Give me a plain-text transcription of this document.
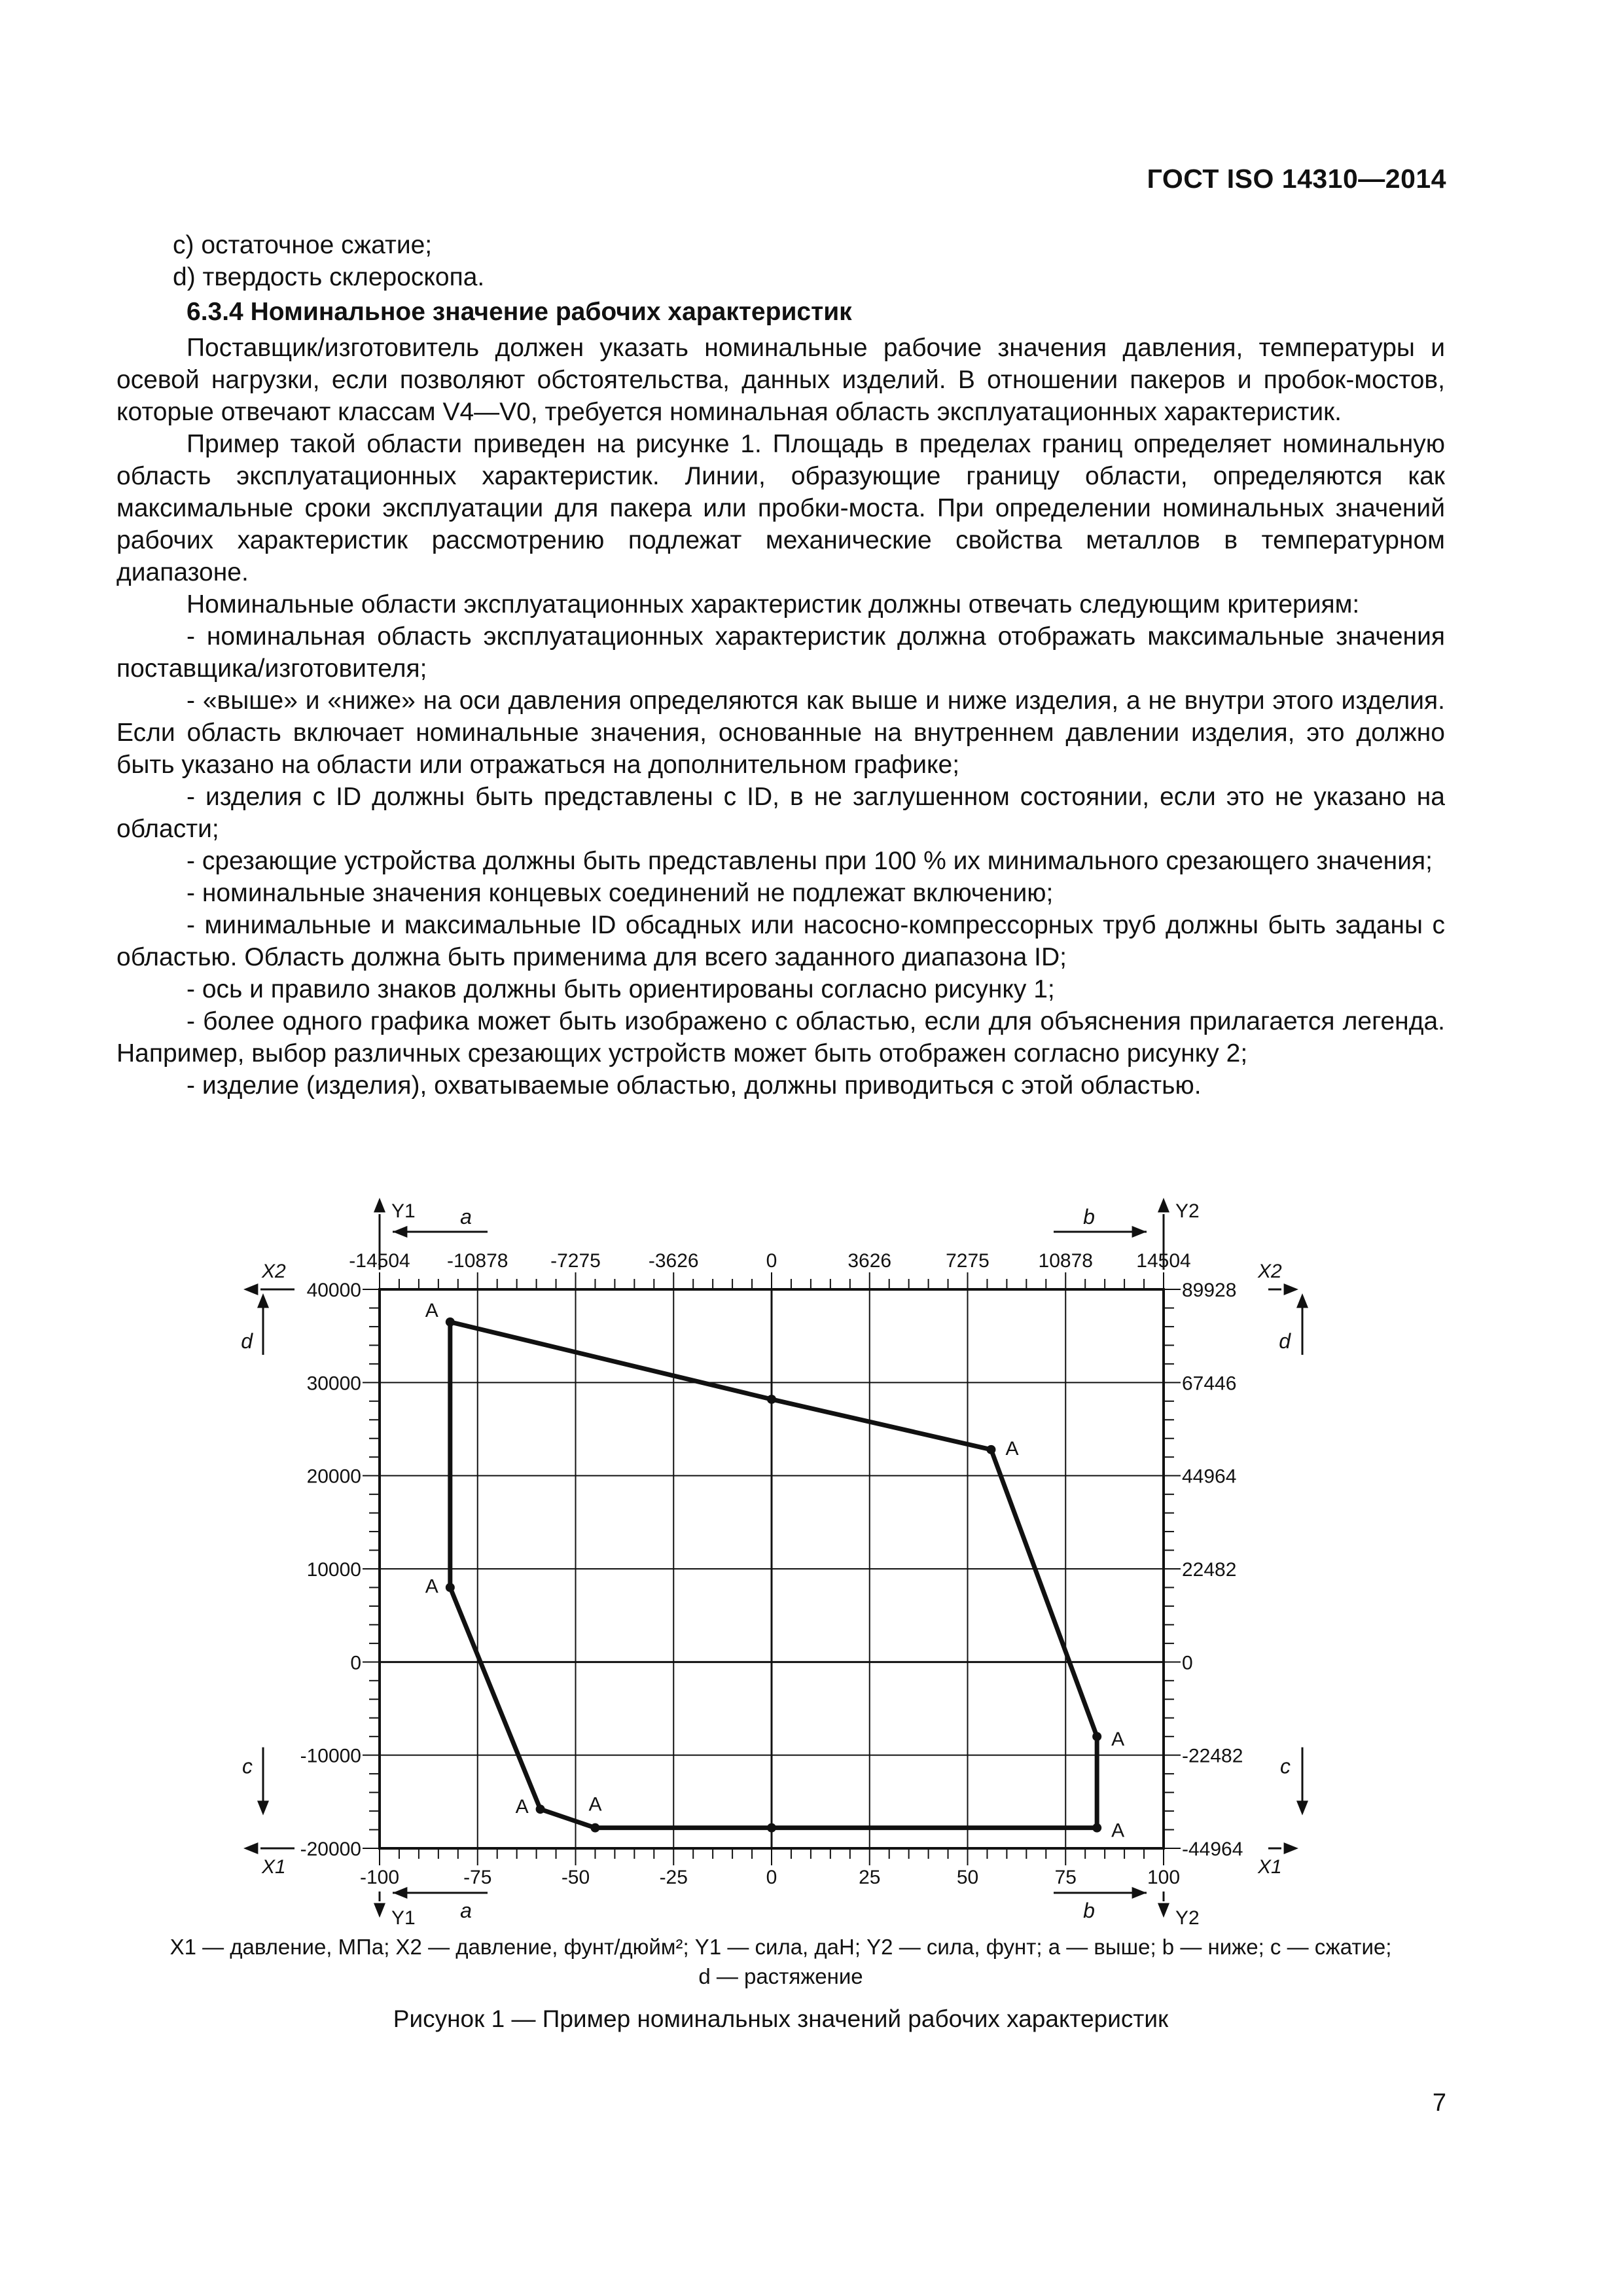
ГОСТ ISO 14310—2014

c) остаточное сжатие;

d) твердость склероскопа.

6.3.4 Номинальное значение рабочих характеристик

Поставщик/изготовитель должен указать номинальные рабочие значения давления, температуры и осевой нагрузки, если позволяют обстоятельства, данных изделий. В отношении пакеров и пробок-мостов, которые отвечают классам V4—V0, требуется номинальная область эксплуатационных характеристик.

Пример такой области приведен на рисунке 1. Площадь в пределах границ определяет номинальную область эксплуатационных характеристик. Линии, образующие границу области, определяются как максимальные сроки эксплуатации для пакера или пробки-моста. При определении номинальных значений рабочих характеристик рассмотрению подлежат механические свойства металлов в температурном диапазоне.

Номинальные области эксплуатационных характеристик должны отвечать следующим критериям:

- номинальная область эксплуатационных характеристик должна отображать максимальные значения поставщика/изготовителя;

- «выше» и «ниже» на оси давления определяются как выше и ниже изделия, а не внутри этого изделия. Если область включает номинальные значения, основанные на внутреннем давлении изделия, это должно быть указано на области или отражаться на дополнительном графике;

- изделия с ID должны быть представлены с ID, в не заглушенном состоянии, если это не указано на области;

- срезающие устройства должны быть представлены при 100 % их минимального срезающего значения;

- номинальные значения концевых соединений не подлежат включению;

- минимальные и максимальные ID обсадных или насосно-компрессорных труб должны быть заданы с областью. Область должна быть применима для всего заданного диапазона ID;

- ось и правило знаков должны быть ориентированы согласно рисунку 1;

- более одного графика может быть изображено с областью, если для объяснения прилагается легенда. Например, выбор различных срезающих устройств может быть отображен согласно рисунку 2;

- изделие (изделия), охватываемые областью, должны приводиться с этой областью.

-100	-75	-50	-25	0	25	50	75	100
-14504 -10878 -7275 -3626	0	3626	7275 10878 14504
40000
30000
20000
10000
0
-10000
-20000
89928
67446
44964
22482
0
-22482
-44964
Y1
Y1
Y2
Y2
X2	X2
X1	X1
a	b
a	b
d	d
c	c
A
A
A
A
A
A
A
X1 — давление, МПа; X2 — давление, фунт/дюйм²; Y1 — сила, даН; Y2 — сила, фунт; a — выше; b — ниже; c — сжатие;
d — растяжение
Рисунок 1 — Пример номинальных значений рабочих характеристик
7
